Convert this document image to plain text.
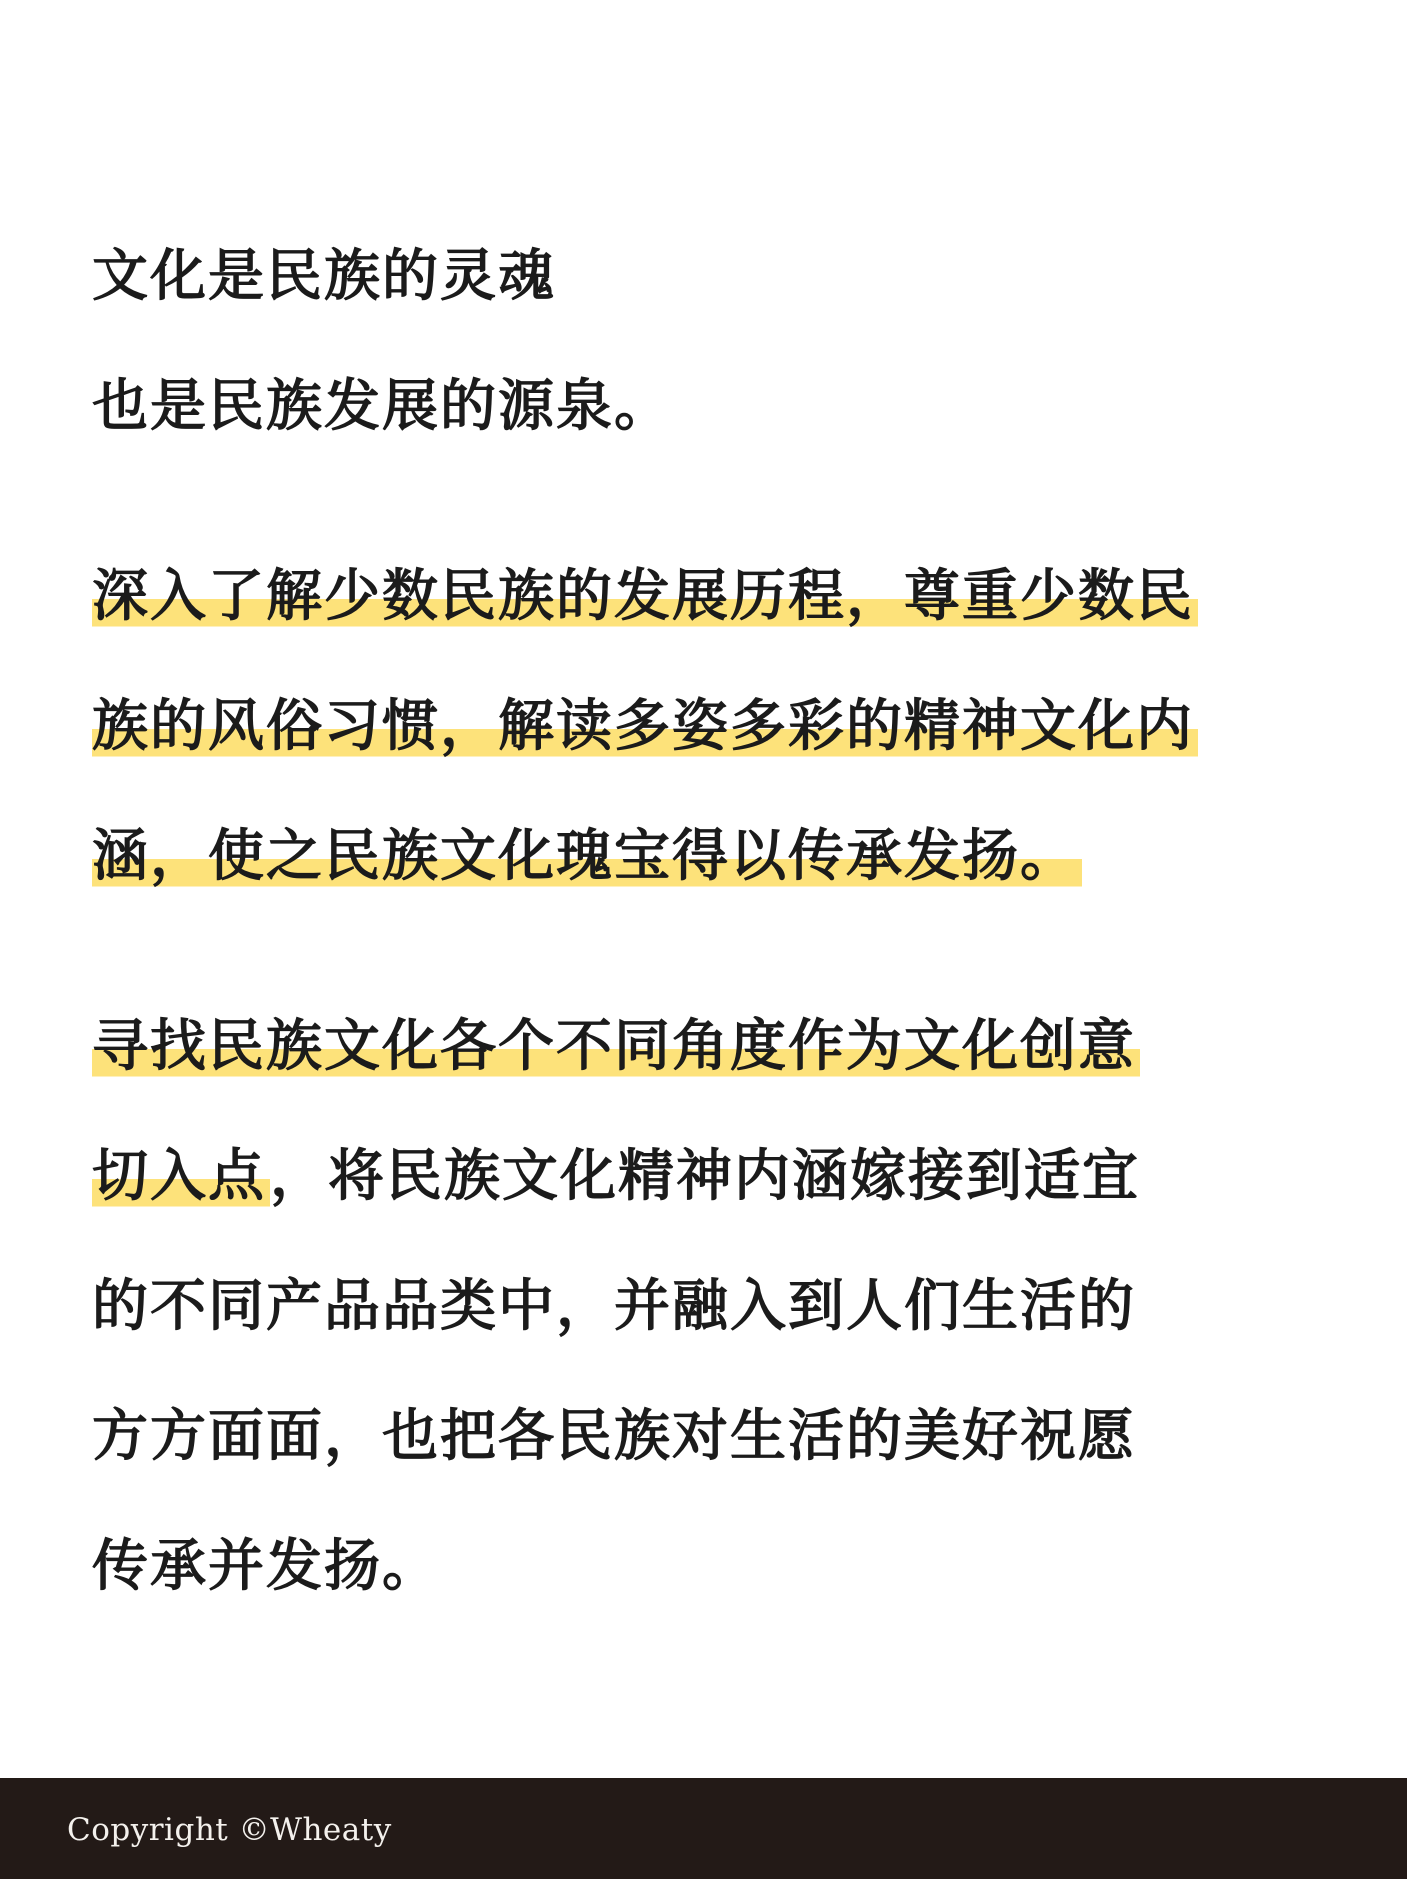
文化是民族的灵魂
也是民族发展的源泉。
深入了解少数民族的发展历程，尊重少数民
族的风俗习惯，解读多姿多彩的精神文化内
涵，使之民族文化瑰宝得以传承发扬。
寻找民族文化各个不同角度作为文化创意
切入点，将民族文化精神内涵嫁接到适宜
的不同产品品类中，并融入到人们生活的
方方面面，也把各民族对生活的美好祝愿
传承并发扬。
Copyright ©Wheaty
